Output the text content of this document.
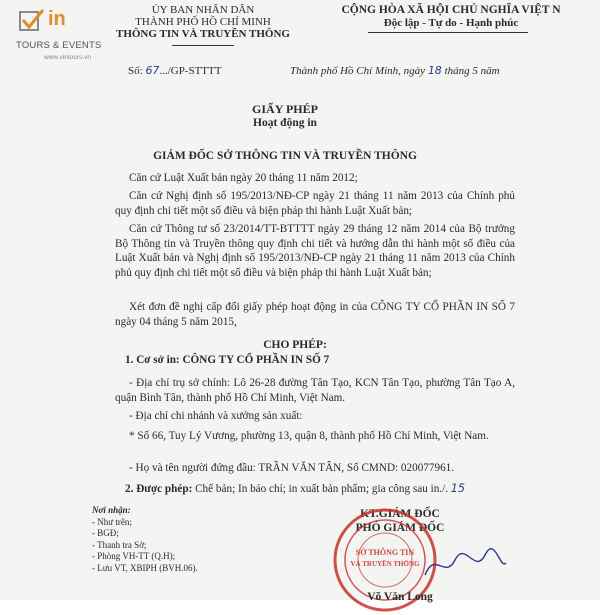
in
TOURS & EVENTS
www.vintours.vn
ỦY BAN NHÂN DÂN
THÀNH PHỐ HỒ CHÍ MINH
THÔNG TIN VÀ TRUYỀN THÔNG
Số: 67.../GP-STTTT
CỘNG HÒA XÃ HỘI CHỦ NGHĨA VIỆT N
Độc lập - Tự do - Hạnh phúc
Thành phố Hồ Chí Minh, ngày 18 tháng 5 năm
GIẤY PHÉP
Hoạt động in
GIÁM ĐỐC SỞ THÔNG TIN VÀ TRUYỀN THÔNG
Căn cứ Luật Xuất bản ngày 20 tháng 11 năm 2012;
Căn cứ Nghị định số 195/2013/NĐ-CP ngày 21 tháng 11 năm 2013 của Chính phủ quy định chi tiết một số điều và biện pháp thi hành Luật Xuất bản;
Căn cứ Thông tư số 23/2014/TT-BTTTT ngày 29 tháng 12 năm 2014 của Bộ trưởng Bộ Thông tin và Truyền thông quy định chi tiết và hướng dẫn thi hành một số điều của Luật Xuất bản và Nghị định số 195/2013/NĐ-CP ngày 21 tháng 11 năm 2013 của Chính phủ quy định chi tiết một số điều và biện pháp thi hành Luật Xuất bản;
Xét đơn đề nghị cấp đổi giấy phép hoạt động in của CÔNG TY CỔ PHẦN IN SỐ 7 ngày 04 tháng 5 năm 2015,
CHO PHÉP:
1. Cơ sở in: CÔNG TY CỔ PHẦN IN SỐ 7
- Địa chỉ trụ sở chính: Lô 26-28 đường Tân Tạo, KCN Tân Tạo, phường Tân Tạo A, quận Bình Tân, thành phố Hồ Chí Minh, Việt Nam.
- Địa chỉ chi nhánh và xưởng sản xuất:
* Số 66, Tuy Lý Vương, phường 13, quận 8, thành phố Hồ Chí Minh, Việt Nam.
- Họ và tên người đứng đầu: TRẦN VĂN TÂN, Số CMND: 020077961.
2. Được phép: Chế bản; In báo chí; in xuất bản phẩm; gia công sau in./. 15
Nơi nhận:
- Như trên;
- BGĐ;
- Thanh tra Sở;
- Phòng VH-TT (Q.H);
- Lưu VT, XBIPH (BVH.06).
KT.GIÁM ĐỐC
PHÓ GIÁM ĐỐC
SỞ THÔNG TIN
VÀ TRUYỀN THÔNG
Võ Văn Long
